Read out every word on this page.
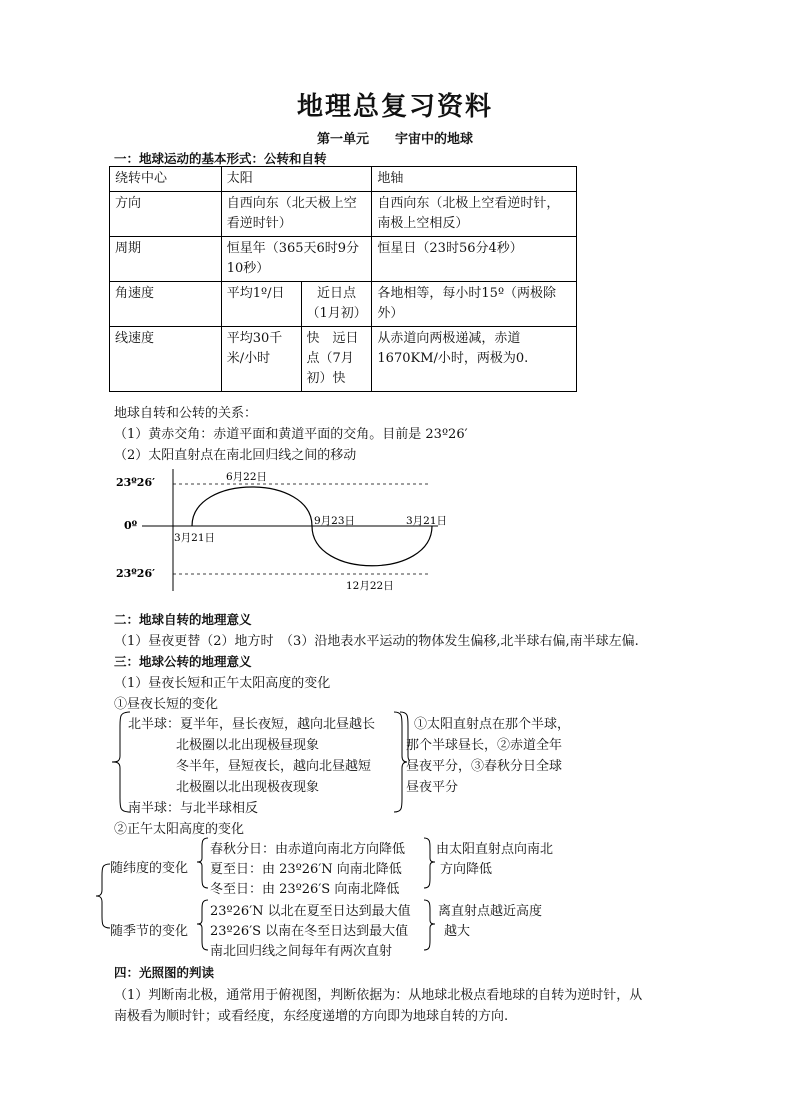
地理总复习资料
第一单元　　宇宙中的地球
一：地球运动的基本形式：公转和自转
绕转中心	太阳		地轴
方向	自西向东（北天极上空看逆时针）		自西向东（北极上空看逆时针，南极上空相反）
周期	恒星年（365天6时9分10秒）		恒星日（23时56分4秒）
角速度	平均1º/日	近日点（1月初）	各地相等，每小时15º（两极除外）
线速度	平均30千米/小时	快　远日点（7月初）快	从赤道向两极递减，赤道1670KM/小时，两极为0.
地球自转和公转的关系：
（1）黄赤交角：赤道平面和黄道平面的交角。目前是 23º26′
（2）太阳直射点在南北回归线之间的移动
23º26′
0º
23º26′
6月22日
3月21日
9月23日	3月21日
12月22日
二：地球自转的地理意义
（1）昼夜更替（2）地方时　（3）沿地表水平运动的物体发生偏移,北半球右偏,南半球左偏.
三：地球公转的地理意义
（1）昼夜长短和正午太阳高度的变化
①昼夜长短的变化
北半球：夏半年，昼长夜短，越向北昼越长
北极圈以北出现极昼现象
冬半年，昼短夜长，越向北昼越短
北极圈以北出现极夜现象
南半球：与北半球相反
①太阳直射点在那个半球，
那个半球昼长，②赤道全年
昼夜平分，③春秋分日全球
昼夜平分
②正午太阳高度的变化
随纬度的变化
春秋分日：由赤道向南北方向降低
夏至日：由 23º26′N 向南北降低
冬至日：由 23º26′S 向南北降低
由太阳直射点向南北
方向降低
随季节的变化
23º26′N 以北在夏至日达到最大值
23º26′S 以南在冬至日达到最大值
南北回归线之间每年有两次直射
离直射点越近高度
越大
四：光照图的判读
（1）判断南北极，通常用于俯视图，判断依据为：从地球北极点看地球的自转为逆时针，从
南极看为顺时针；或看经度，东经度递增的方向即为地球自转的方向.
